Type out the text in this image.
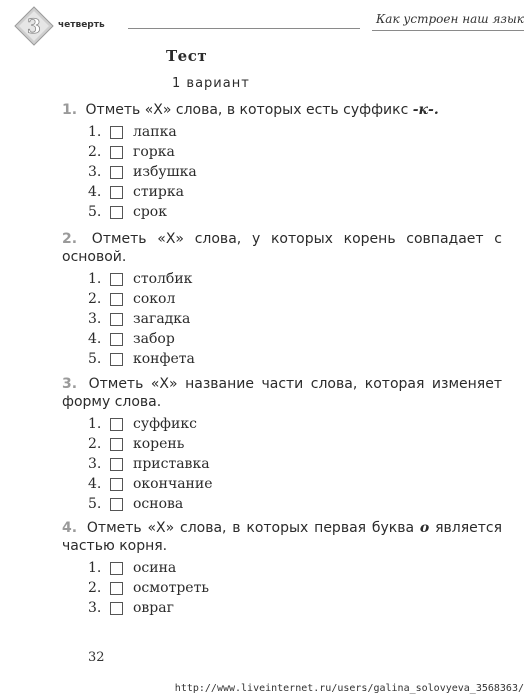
3 четверть	Как устроен наш язык
Тест
1 вариант
1. Отметь «X» слова, в которых есть суффикс -к-.
1.	лапка
2.	горка
3.	избушка
4.	стирка
5.	срок
2. Отметь «X» слова, у которых корень совпадает с основой.
1.	столбик
2.	сокол
3.	загадка
4.	забор
5.	конфета
3. Отметь «X» название части слова, которая изменяет форму слова.
1.	суффикс
2.	корень
3.	приставка
4.	окончание
5.	основа
4. Отметь «X» слова, в которых первая буква о является частью корня.
1.	осина
2.	осмотреть
3.	овраг
32
http://www.liveinternet.ru/users/galina_solovyeva_3568363/
